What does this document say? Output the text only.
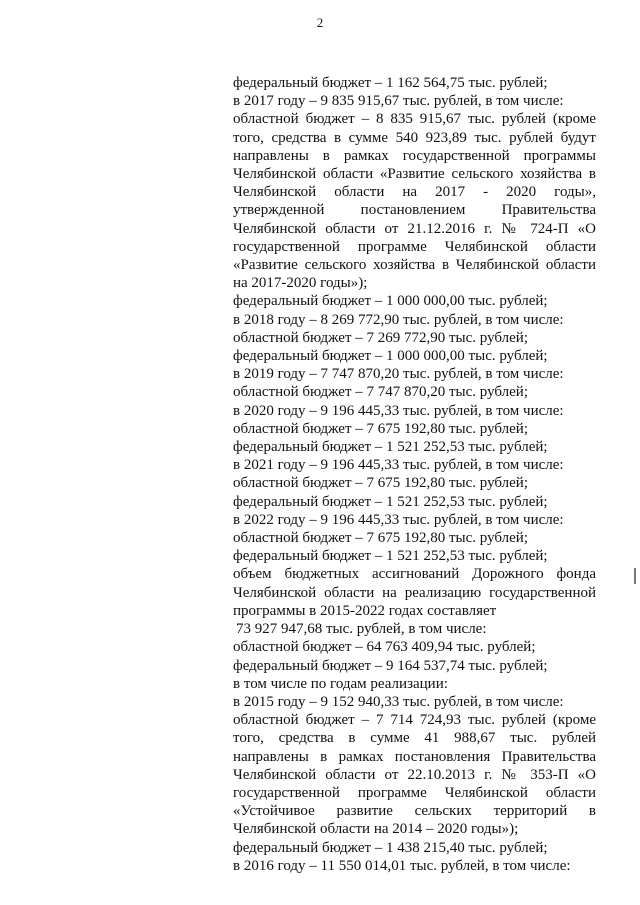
2

федеральный бюджет – 1 162 564,75 тыс. рублей;

в 2017 году – 9 835 915,67 тыс. рублей, в том числе:

областной бюджет – 8 835 915,67 тыс. рублей (кроме того, средства в сумме 540 923,89 тыс. рублей будут направлены в рамках государственной программы Челябинской области «Развитие сельского хозяйства в Челябинской области на 2017 - 2020 годы», утвержденной постановлением Правительства Челябинской области от 21.12.2016 г. № 724-П «О государственной программе Челябинской области «Развитие сельского хозяйства в Челябинской области на 2017-2020 годы»);

федеральный бюджет – 1 000 000,00 тыс. рублей;

в 2018 году – 8 269 772,90 тыс. рублей, в том числе:

областной бюджет – 7 269 772,90 тыс. рублей;

федеральный бюджет – 1 000 000,00 тыс. рублей;

в 2019 году – 7 747 870,20 тыс. рублей, в том числе:

областной бюджет – 7 747 870,20 тыс. рублей;

в 2020 году – 9 196 445,33 тыс. рублей, в том числе:

областной бюджет – 7 675 192,80 тыс. рублей;

федеральный бюджет – 1 521 252,53 тыс. рублей;

в 2021 году – 9 196 445,33 тыс. рублей, в том числе:

областной бюджет – 7 675 192,80 тыс. рублей;

федеральный бюджет – 1 521 252,53 тыс. рублей;

в 2022 году – 9 196 445,33 тыс. рублей, в том числе:

областной бюджет – 7 675 192,80 тыс. рублей;

федеральный бюджет – 1 521 252,53 тыс. рублей;

объем бюджетных ассигнований Дорожного фонда Челябинской области на реализацию государственной программы в 2015-2022 годах составляет

73 927 947,68 тыс. рублей, в том числе:

областной бюджет – 64 763 409,94 тыс. рублей;

федеральный бюджет – 9 164 537,74 тыс. рублей;

в том числе по годам реализации:

в 2015 году – 9 152 940,33 тыс. рублей, в том числе:

областной бюджет – 7 714 724,93 тыс. рублей (кроме того, средства в сумме 41 988,67 тыс. рублей направлены в рамках постановления Правительства Челябинской области от 22.10.2013 г. № 353-П «О государственной программе Челябинской области «Устойчивое развитие сельских территорий в Челябинской области на 2014 – 2020 годы»);

федеральный бюджет – 1 438 215,40 тыс. рублей;

в 2016 году – 11 550 014,01 тыс. рублей, в том числе:
